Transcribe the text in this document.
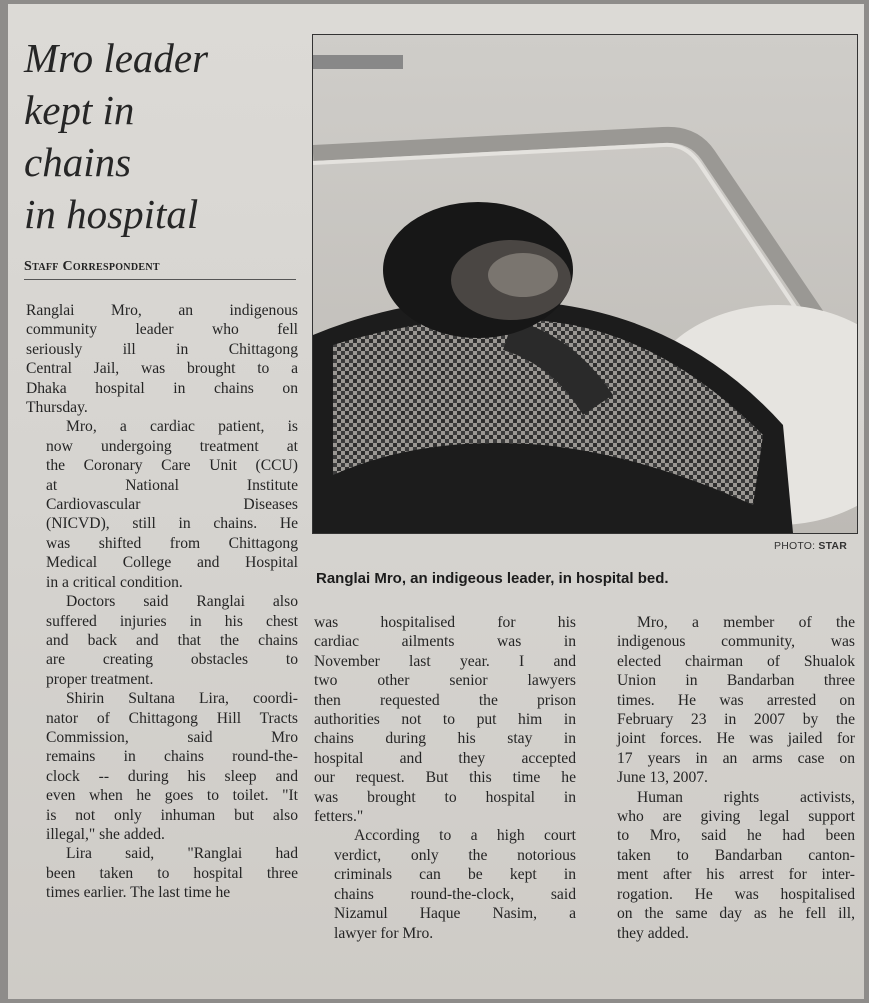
Mro leader
kept in
chains
in hospital
Staff Correspondent

Ranglai Mro, an indigenous
community leader who fell
seriously ill in Chittagong
Central Jail, was brought to a
Dhaka hospital in chains on
Thursday.

Mro, a cardiac patient, is
now undergoing treatment at
the Coronary Care Unit (CCU)
at National Institute
Cardiovascular Diseases
(NICVD), still in chains. He
was shifted from Chittagong
Medical College and Hospital
in a critical condition.

Doctors said Ranglai also
suffered injuries in his chest
and back and that the chains
are creating obstacles to
proper treatment.

Shirin Sultana Lira, coordi-
nator of Chittagong Hill Tracts
Commission, said Mro
remains in chains round-the-
clock -- during his sleep and
even when he goes to toilet. "It
is not only inhuman but also
illegal," she added.

Lira said, "Ranglai had
been taken to hospital three
times earlier. The last time he

was hospitalised for his
cardiac ailments was in
November last year. I and
two other senior lawyers
then requested the prison
authorities not to put him in
chains during his stay in
hospital and they accepted
our request. But this time he
was brought to hospital in
fetters."

According to a high court
verdict, only the notorious
criminals can be kept in
chains round-the-clock, said
Nizamul Haque Nasim, a
lawyer for Mro.

Mro, a member of the
indigenous community, was
elected chairman of Shualok
Union in Bandarban three
times. He was arrested on
February 23 in 2007 by the
joint forces. He was jailed for
17 years in an arms case on
June 13, 2007.

Human rights activists,
who are giving legal support
to Mro, said he had been
taken to Bandarban canton-
ment after his arrest for inter-
rogation. He was hospitalised
on the same day as he fell ill,
they added.

PHOTO: STAR
Ranglai Mro, an indigeous leader, in hospital bed.
